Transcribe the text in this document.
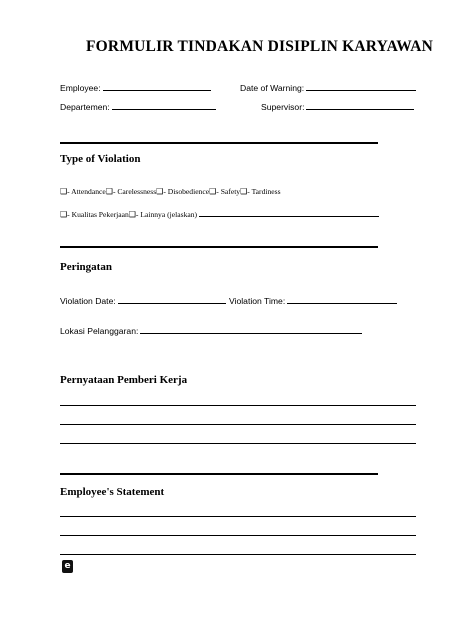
FORMULIR TINDAKAN DISIPLIN KARYAWAN
Employee:	Date of Warning:
Departemen:	Supervisor:
Type of Violation
❑- Attendance❑- Carelessness❑- Disobedience❑- Safety❑- Tardiness
❑- Kualitas Pekerjaan❑- Lainnya (jelaskan)
Peringatan
Violation Date:	Violation Time:
Lokasi Pelanggaran:
Pernyataan Pemberi Kerja
Employee's Statement
e
